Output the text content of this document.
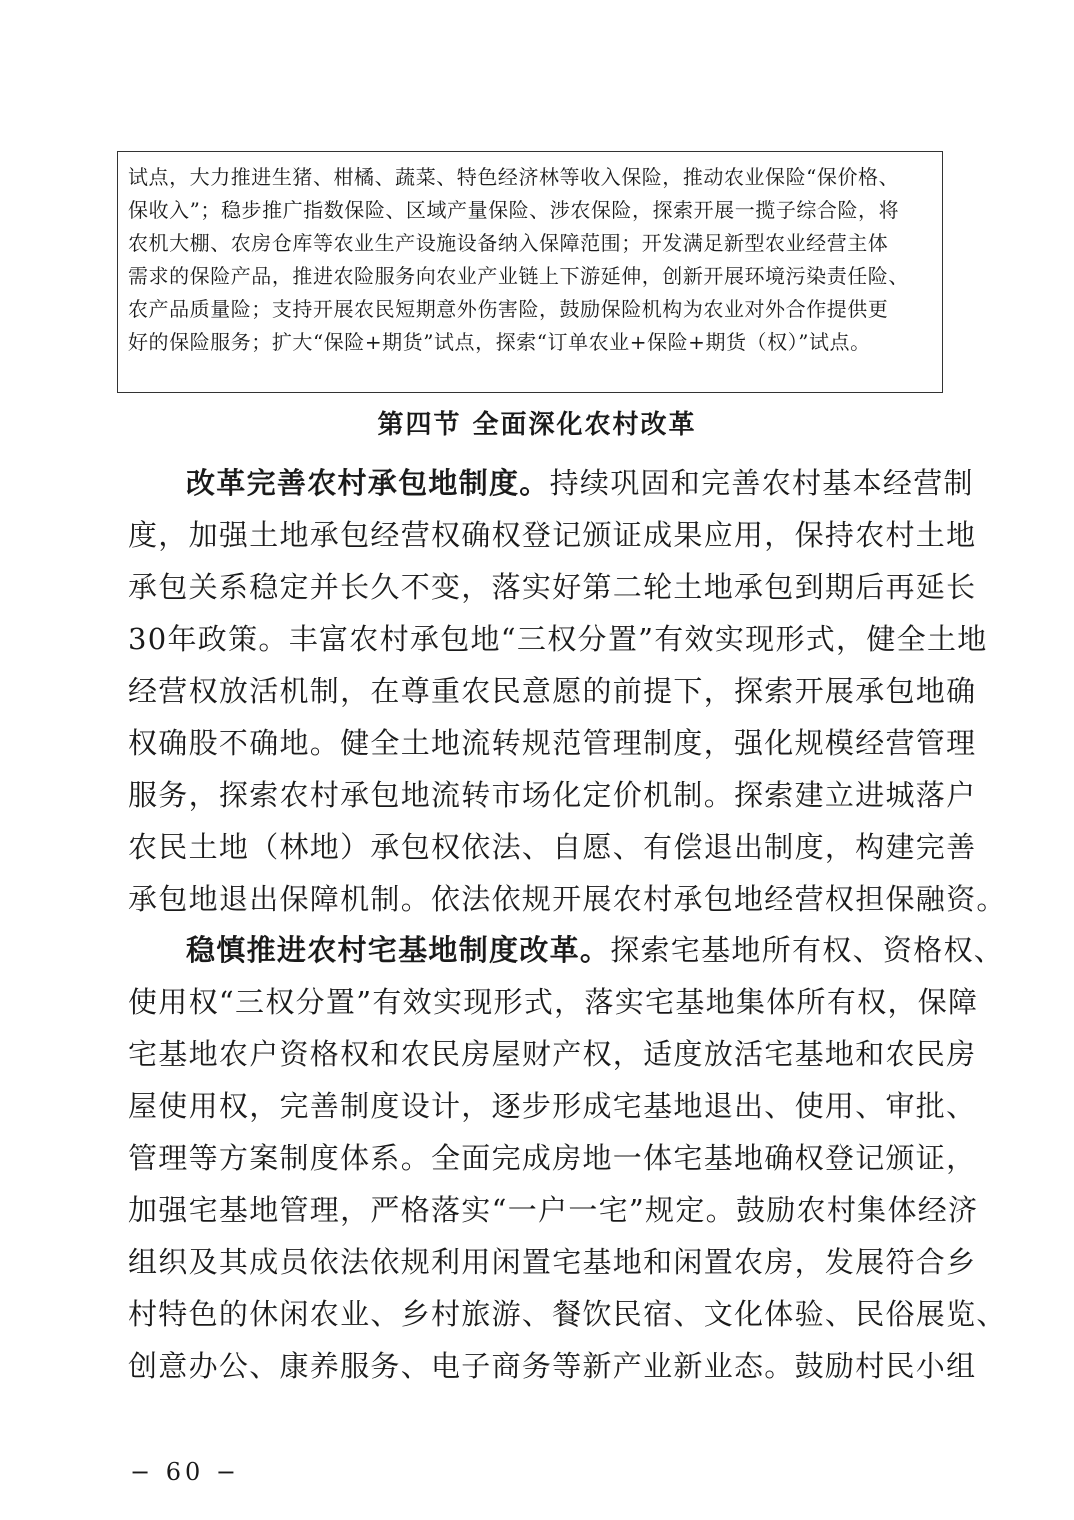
试点，大力推进生猪、柑橘、蔬菜、特色经济林等收入保险，推动农业保险“保价格、
保收入”；稳步推广指数保险、区域产量保险、涉农保险，探索开展一揽子综合险，将
农机大棚、农房仓库等农业生产设施设备纳入保障范围；开发满足新型农业经营主体
需求的保险产品，推进农险服务向农业产业链上下游延伸，创新开展环境污染责任险、
农产品质量险；支持开展农民短期意外伤害险，鼓励保险机构为农业对外合作提供更
好的保险服务；扩大“保险+期货”试点，探索“订单农业+保险+期货（权）”试点。
第四节 全面深化农村改革
改革完善农村承包地制度。持续巩固和完善农村基本经营制
度，加强土地承包经营权确权登记颁证成果应用，保持农村土地
承包关系稳定并长久不变，落实好第二轮土地承包到期后再延长
30年政策。丰富农村承包地“三权分置”有效实现形式，健全土地
经营权放活机制，在尊重农民意愿的前提下，探索开展承包地确
权确股不确地。健全土地流转规范管理制度，强化规模经营管理
服务，探索农村承包地流转市场化定价机制。探索建立进城落户
农民土地（林地）承包权依法、自愿、有偿退出制度，构建完善
承包地退出保障机制。依法依规开展农村承包地经营权担保融资。
稳慎推进农村宅基地制度改革。探索宅基地所有权、资格权、
使用权“三权分置”有效实现形式，落实宅基地集体所有权，保障
宅基地农户资格权和农民房屋财产权，适度放活宅基地和农民房
屋使用权，完善制度设计，逐步形成宅基地退出、使用、审批、
管理等方案制度体系。全面完成房地一体宅基地确权登记颁证，
加强宅基地管理，严格落实“一户一宅”规定。鼓励农村集体经济
组织及其成员依法依规利用闲置宅基地和闲置农房，发展符合乡
村特色的休闲农业、乡村旅游、餐饮民宿、文化体验、民俗展览、
创意办公、康养服务、电子商务等新产业新业态。鼓励村民小组
− 60 −
